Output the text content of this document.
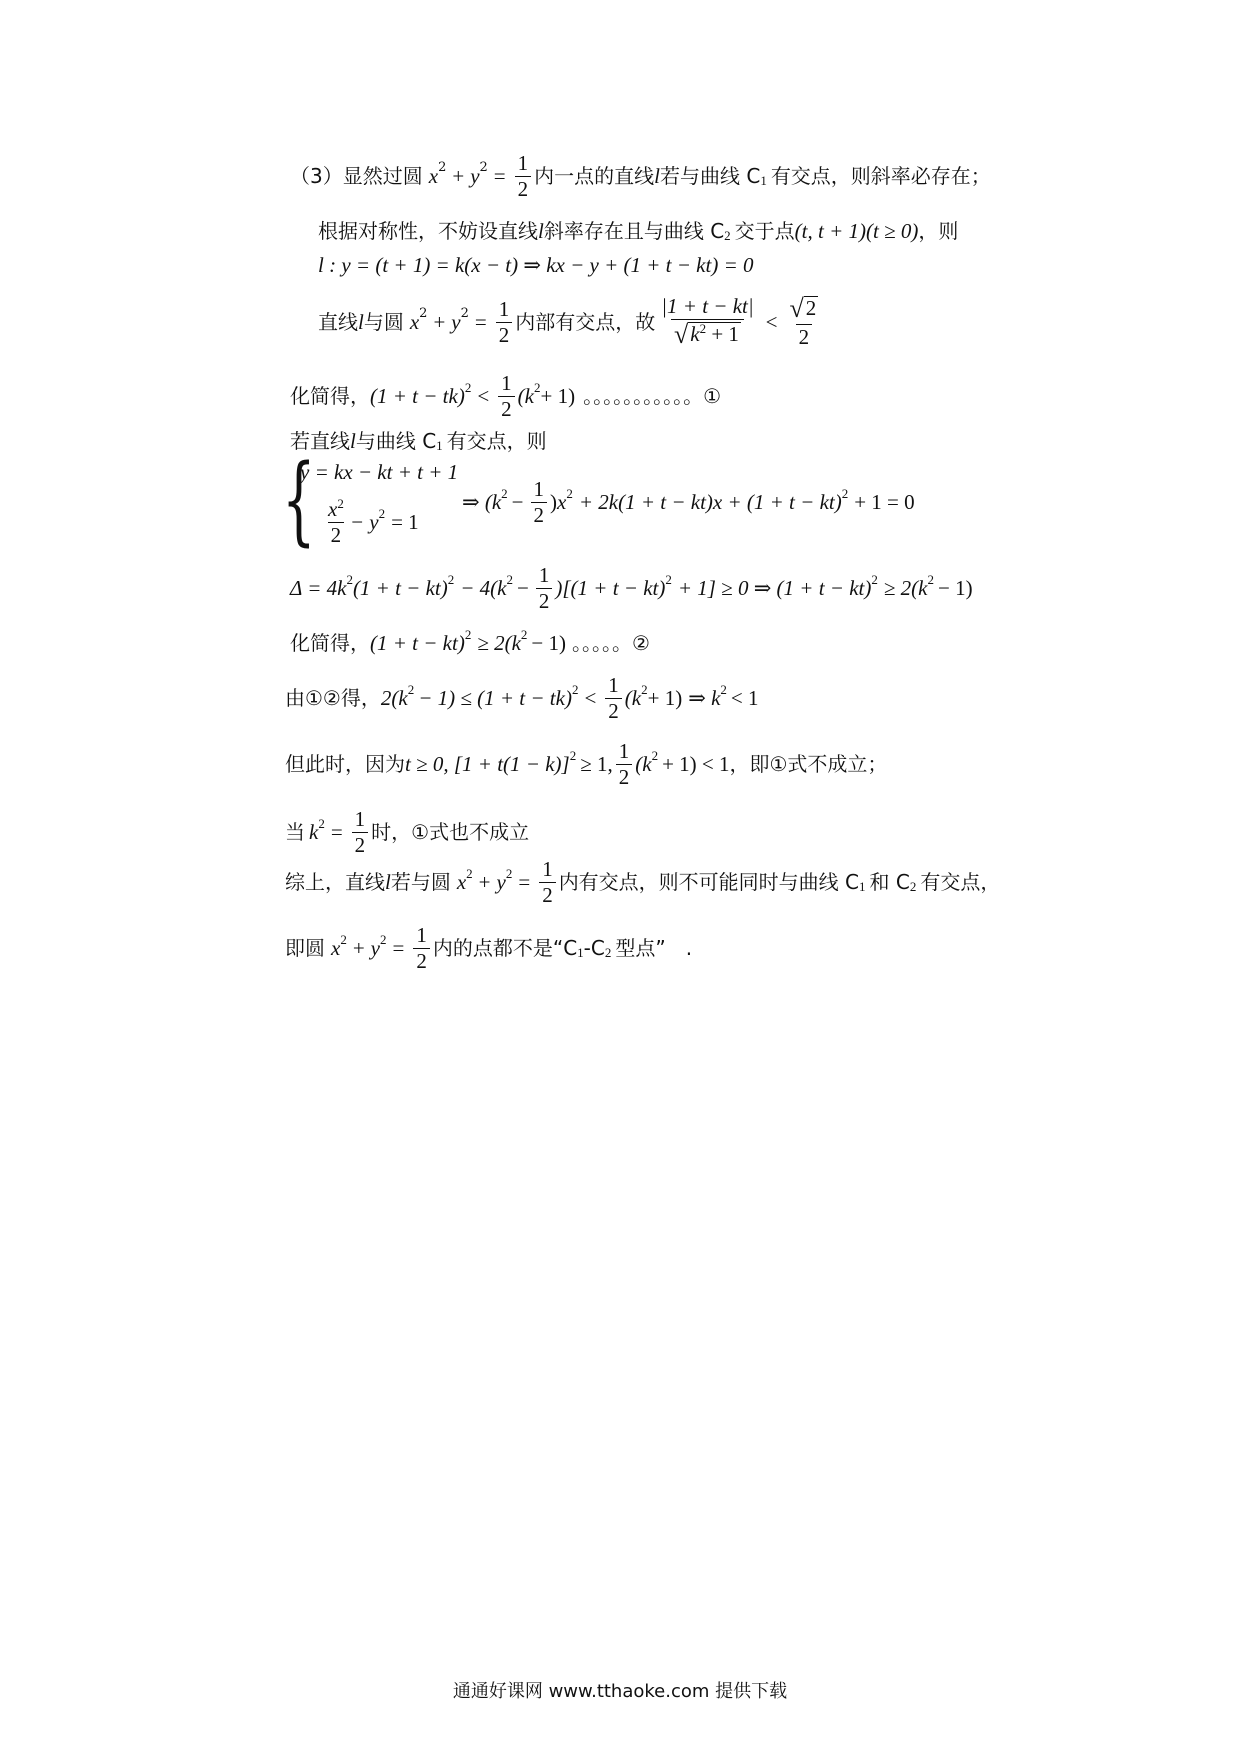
（3）显然过圆 $x^2 + y^2 = \frac{1}{2}$ 内一点的直线 l 若与曲线 $C_1$ 有交点，则斜率必存在；
根据对称性，不妨设直线 l 斜率存在且与曲线 $C_2$ 交于点 (t, t + 1)(t ≥ 0) ，则
l : y = (t + 1) = k(x − t) ⇒ kx − y + (1 + t − kt) = 0
直线 l 与圆 $x^2 + y^2 = \frac{1}{2}$ 内部有交点，故 $\frac{|1 + t - kt|}{√ k^2 + 1} < \frac{√ 2}{2}$
化简得， $(1 + t - tk)^2 < \frac{1}{2} (k^2 + 1)$ 。。。。。。。。。。。①
若直线 l 与曲线 $C_1$ 有交点，则
{
y = kx − kt + t + 1
$\frac{x^2}{2} - y^2 = 1$
⇒ ($k^2 - \frac{1}{2}$ ) $x^2 + 2k(1 + t - kt)x + (1 + t - kt)^2 + 1 = 0$
$\Delta = 4k^2$ $(1 + t - kt)^2 - 4(k^2 - \frac{1}{2} )[(1 + t - kt)^2 + 1] \ge 0$ ⇒ $(1 + t - kt)^2 \ge 2(k^2 - 1)$
化简得， $(1 + t - kt)^2 \ge 2(k^2 - 1)$ 。。。。。②
由①②得， $2(k^2 - 1) \le (1 + t - tk)^2 < \frac{1}{2} (k^2 + 1)$ ⇒ $k^2 < 1$
但此时，因为 t ≥ 0, $[1 + t(1 - k)]^2 \ge 1$, $\frac{1}{2} (k^2 + 1) < 1$ ，即①式不成立；
当 $k^2 = \frac{1}{2}$ 时，①式也不成立
综上，直线 l 若与圆 $x^2 + y^2 = \frac{1}{2}$ 内有交点，则不可能同时与曲线 $C_1$ 和 $C_2$ 有交点，
即圆 $x^2 + y^2 = \frac{1}{2}$ 内的点都不是“$C_1$ $-C_2$ 型点”　.
通通好课网 www.tthaoke.com 提供下载
